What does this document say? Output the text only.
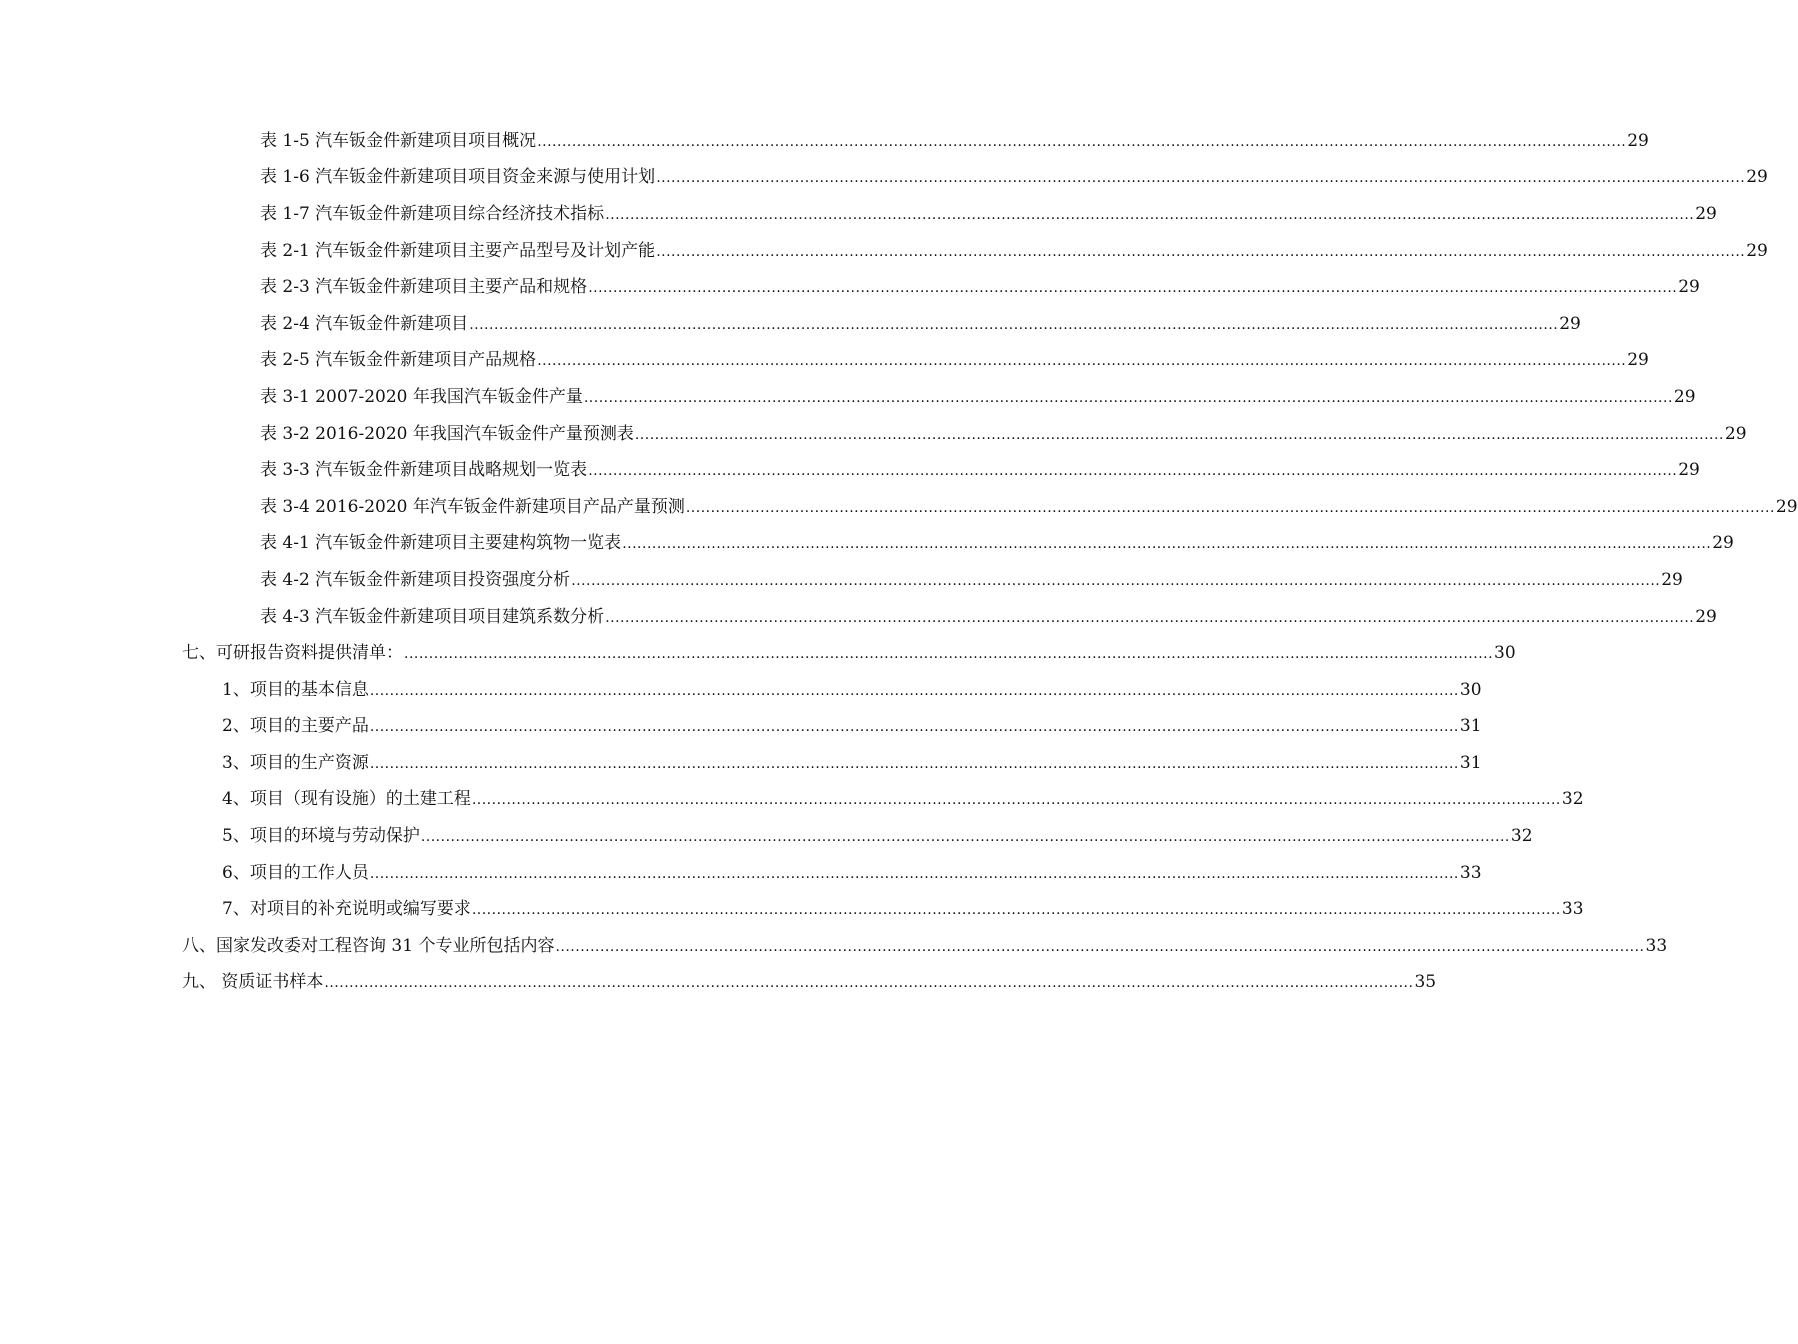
表 1-5 汽车钣金件新建项目项目概况 ............................................................................................................................................................................................................................ 29
表 1-6 汽车钣金件新建项目项目资金来源与使用计划 ............................................................................................................................................................................................................................ 29
表 1-7 汽车钣金件新建项目综合经济技术指标 ............................................................................................................................................................................................................................ 29
表 2-1 汽车钣金件新建项目主要产品型号及计划产能 ............................................................................................................................................................................................................................ 29
表 2-3 汽车钣金件新建项目主要产品和规格 ............................................................................................................................................................................................................................ 29
表 2-4 汽车钣金件新建项目 ............................................................................................................................................................................................................................ 29
表 2-5 汽车钣金件新建项目产品规格 ............................................................................................................................................................................................................................ 29
表 3-1 2007-2020 年我国汽车钣金件产量 ............................................................................................................................................................................................................................ 29
表 3-2 2016-2020 年我国汽车钣金件产量预测表 ............................................................................................................................................................................................................................ 29
表 3-3 汽车钣金件新建项目战略规划一览表 ............................................................................................................................................................................................................................ 29
表 3-4 2016-2020 年汽车钣金件新建项目产品产量预测 ............................................................................................................................................................................................................................ 29
表 4-1 汽车钣金件新建项目主要建构筑物一览表 ............................................................................................................................................................................................................................ 29
表 4-2 汽车钣金件新建项目投资强度分析 ............................................................................................................................................................................................................................ 29
表 4-3 汽车钣金件新建项目项目建筑系数分析 ............................................................................................................................................................................................................................ 29
七、可研报告资料提供清单： ............................................................................................................................................................................................................................ 30
1、项目的基本信息 ............................................................................................................................................................................................................................ 30
2、项目的主要产品 ............................................................................................................................................................................................................................ 31
3、项目的生产资源 ............................................................................................................................................................................................................................ 31
4、项目（现有设施）的土建工程 ............................................................................................................................................................................................................................ 32
5、项目的环境与劳动保护 ............................................................................................................................................................................................................................ 32
6、项目的工作人员 ............................................................................................................................................................................................................................ 33
7、对项目的补充说明或编写要求 ............................................................................................................................................................................................................................ 33
八、国家发改委对工程咨询 31 个专业所包括内容 ............................................................................................................................................................................................................................ 33
九、 资质证书样本 ............................................................................................................................................................................................................................ 35
